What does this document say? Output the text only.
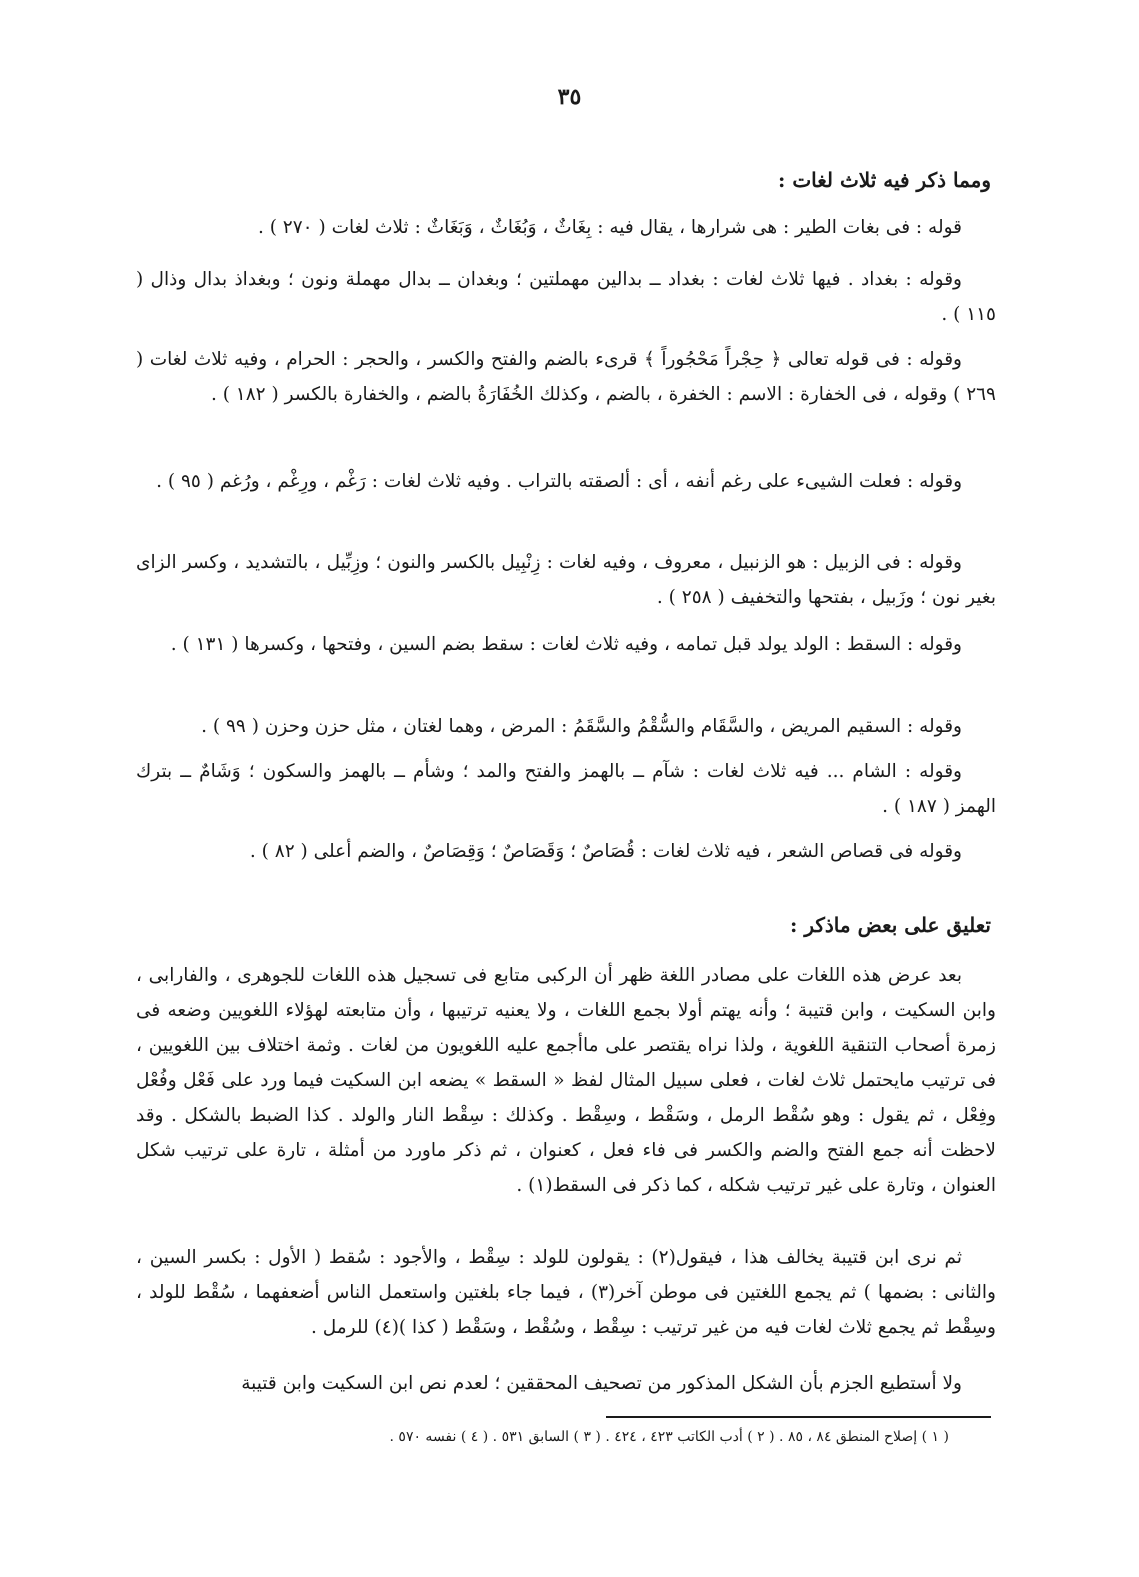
٣٥
ومما ذكر فيه ثلاث لغات :
قوله : فى بغات الطير : هى شرارها ، يقال فيه : بِغَاثٌ ، وَبُغَاثٌ ، وَبَغَاثٌ : ثلاث لغات ( ٢٧٠ ) .
وقوله : بغداد . فيها ثلاث لغات : بغداد ــ بدالين مهملتين ؛ وبغدان ــ بدال مهملة ونون ؛ وبغداذ بدال وذال ( ١١٥ ) .
وقوله : فى قوله تعالى ﴿ حِجْراً مَحْجُوراً ﴾ قرىء بالضم والفتح والكسر ، والحجر : الحرام ، وفيه ثلاث لغات ( ٢٦٩ ) وقوله ، فى الخفارة : الاسم : الخفرة ، بالضم ، وكذلك الخُفَارَةُ بالضم ، والخفارة بالكسر ( ١٨٢ ) .
وقوله : فعلت الشيىء على رغم أنفه ، أى : ألصقته بالتراب . وفيه ثلاث لغات : رَغْم ، ورِغْم ، ورُغم ( ٩٥ ) .
وقوله : فى الزبيل : هو الزنبيل ، معروف ، وفيه لغات : زِنْبِيل بالكسر والنون ؛ وزِبِّيل ، بالتشديد ، وكسر الزاى بغير نون ؛ وزَبيل ، بفتحها والتخفيف ( ٢٥٨ ) .
وقوله : السقط : الولد يولد قبل تمامه ، وفيه ثلاث لغات : سقط بضم السين ، وفتحها ، وكسرها ( ١٣١ ) .
وقوله : السقيم المريض ، والسَّقَام والسُّقْمُ والسَّقَمُ : المرض ، وهما لغتان ، مثل حزن وحزن ( ٩٩ ) .
وقوله : الشام ... فيه ثلاث لغات : شآم ــ بالهمز والفتح والمد ؛ وشأم ــ بالهمز والسكون ؛ وَشَامٌ ــ بترك الهمز ( ١٨٧ ) .
وقوله فى قصاص الشعر ، فيه ثلاث لغات : قُصَاصٌ ؛ وَقَصَاصٌ ؛ وَقِصَاصٌ ، والضم أعلى ( ٨٢ ) .
تعليق على بعض ماذكر :
بعد عرض هذه اللغات على مصادر اللغة ظهر أن الركبى متابع فى تسجيل هذه اللغات للجوهرى ، والفارابى ، وابن السكيت ، وابن قتيبة ؛ وأنه يهتم أولا بجمع اللغات ، ولا يعنيه ترتيبها ، وأن متابعته لهؤلاء اللغويين وضعه فى زمرة أصحاب التنقية اللغوية ، ولذا نراه يقتصر على ماأجمع عليه اللغويون من لغات . وثمة اختلاف بين اللغويين ، فى ترتيب مايحتمل ثلاث لغات ، فعلى سبيل المثال لفظ « السقط » يضعه ابن السكيت فيما ورد على فَعْل وفُعْل وفِعْل ، ثم يقول : وهو سُقْط الرمل ، وسَقْط ، وسِقْط . وكذلك : سِقْط النار والولد . كذا الضبط بالشكل . وقد لاحظت أنه جمع الفتح والضم والكسر فى فاء فعل ، كعنوان ، ثم ذكر ماورد من أمثلة ، تارة على ترتيب شكل العنوان ، وتارة على غير ترتيب شكله ، كما ذكر فى السقط(١) .
ثم نرى ابن قتيبة يخالف هذا ، فيقول(٢) : يقولون للولد : سِقْط ، والأجود : سُقط ( الأول : بكسر السين ، والثانى : بضمها ) ثم يجمع اللغتين فى موطن آخر(٣) ، فيما جاء بلغتين واستعمل الناس أضعفهما ، سُقْط للولد ، وسِقْط ثم يجمع ثلاث لغات فيه من غير ترتيب : سِقْط ، وسُقْط ، وسَقْط ( كذا )(٤) للرمل .
ولا أستطيع الجزم بأن الشكل المذكور من تصحيف المحققين ؛ لعدم نص ابن السكيت وابن قتيبة
( ١ ) إصلاح المنطق ٨٤ ، ٨٥ . ( ٢ ) أدب الكاتب ٤٢٣ ، ٤٢٤ . ( ٣ ) السابق ٥٣١ . ( ٤ ) نفسه ٥٧٠ .
